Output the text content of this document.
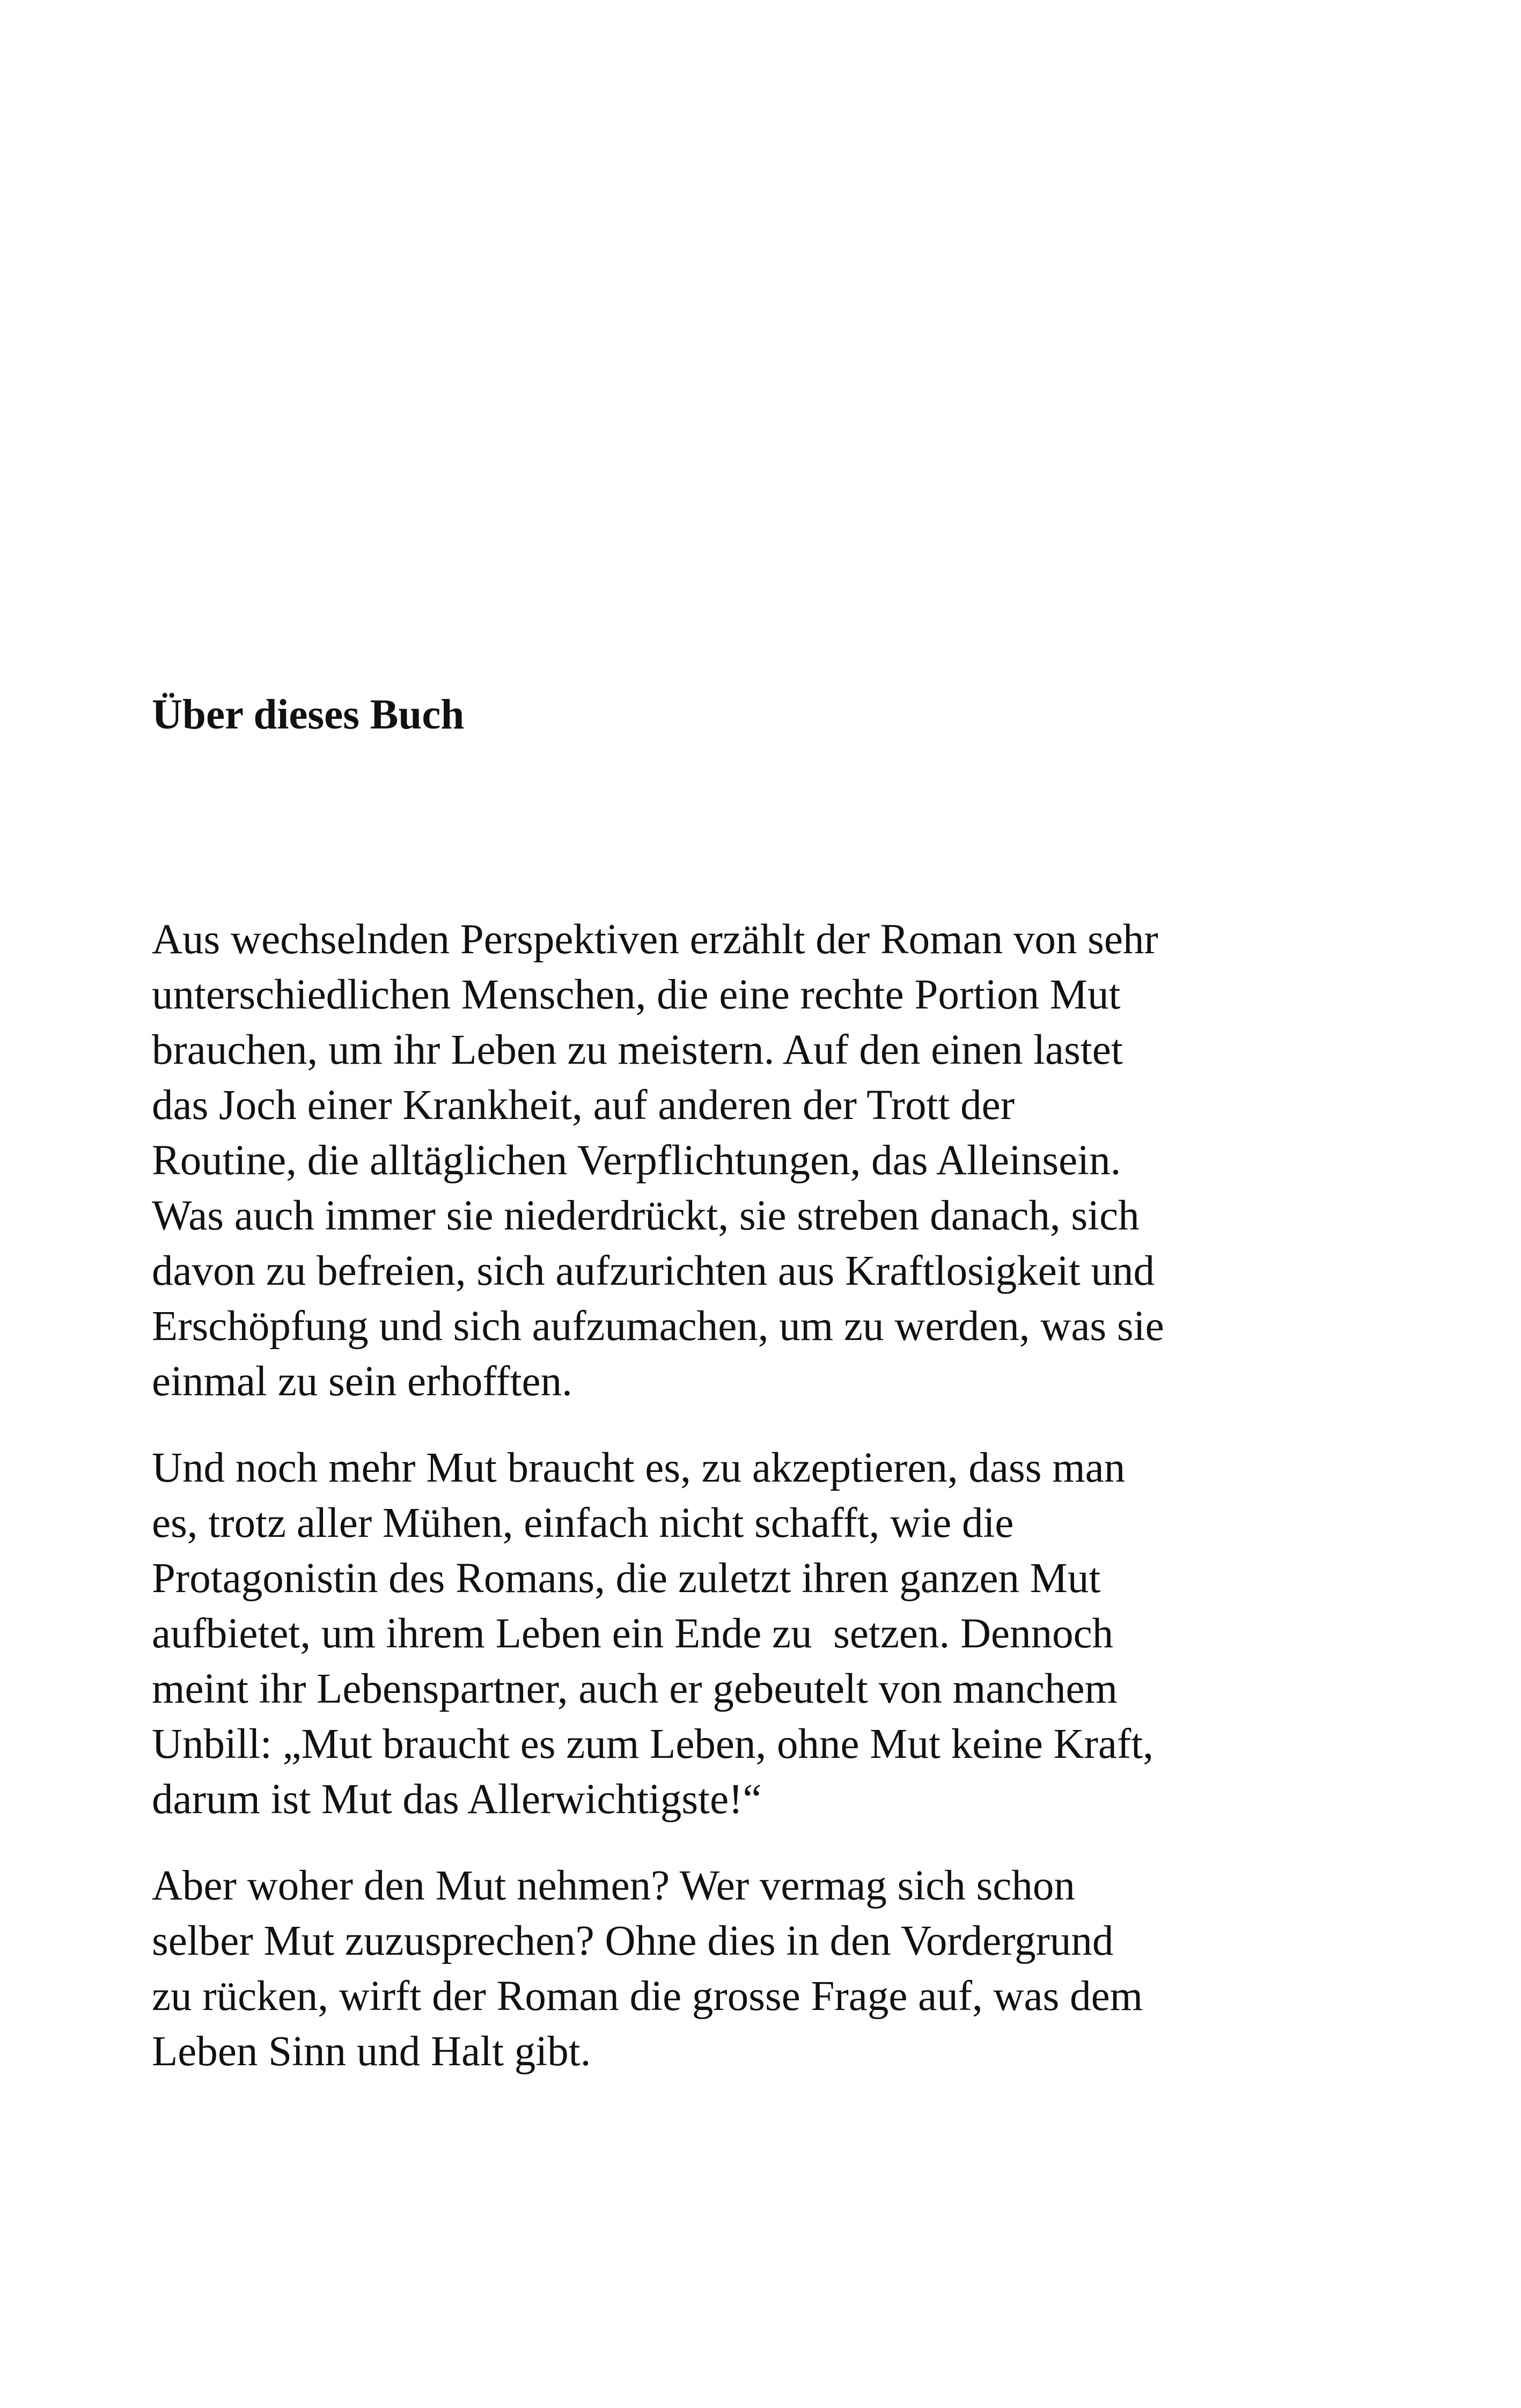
Über dieses Buch

Aus wechselnden Perspektiven erzählt der Roman von sehr
unterschiedlichen Menschen, die eine rechte Portion Mut
brauchen, um ihr Leben zu meistern. Auf den einen lastet
das Joch einer Krankheit, auf anderen der Trott der
Routine, die alltäglichen Verpflichtungen, das Alleinsein.
Was auch immer sie niederdrückt, sie streben danach, sich
davon zu befreien, sich aufzurichten aus Kraftlosigkeit und
Erschöpfung und sich aufzumachen, um zu werden, was sie
einmal zu sein erhofften.

Und noch mehr Mut braucht es, zu akzeptieren, dass man
es, trotz aller Mühen, einfach nicht schafft, wie die
Protagonistin des Romans, die zuletzt ihren ganzen Mut
aufbietet, um ihrem Leben ein Ende zu  setzen. Dennoch
meint ihr Lebenspartner, auch er gebeutelt von manchem
Unbill: „Mut braucht es zum Leben, ohne Mut keine Kraft,
darum ist Mut das Allerwichtigste!“

Aber woher den Mut nehmen? Wer vermag sich schon
selber Mut zuzusprechen? Ohne dies in den Vordergrund
zu rücken, wirft der Roman die grosse Frage auf, was dem
Leben Sinn und Halt gibt.
